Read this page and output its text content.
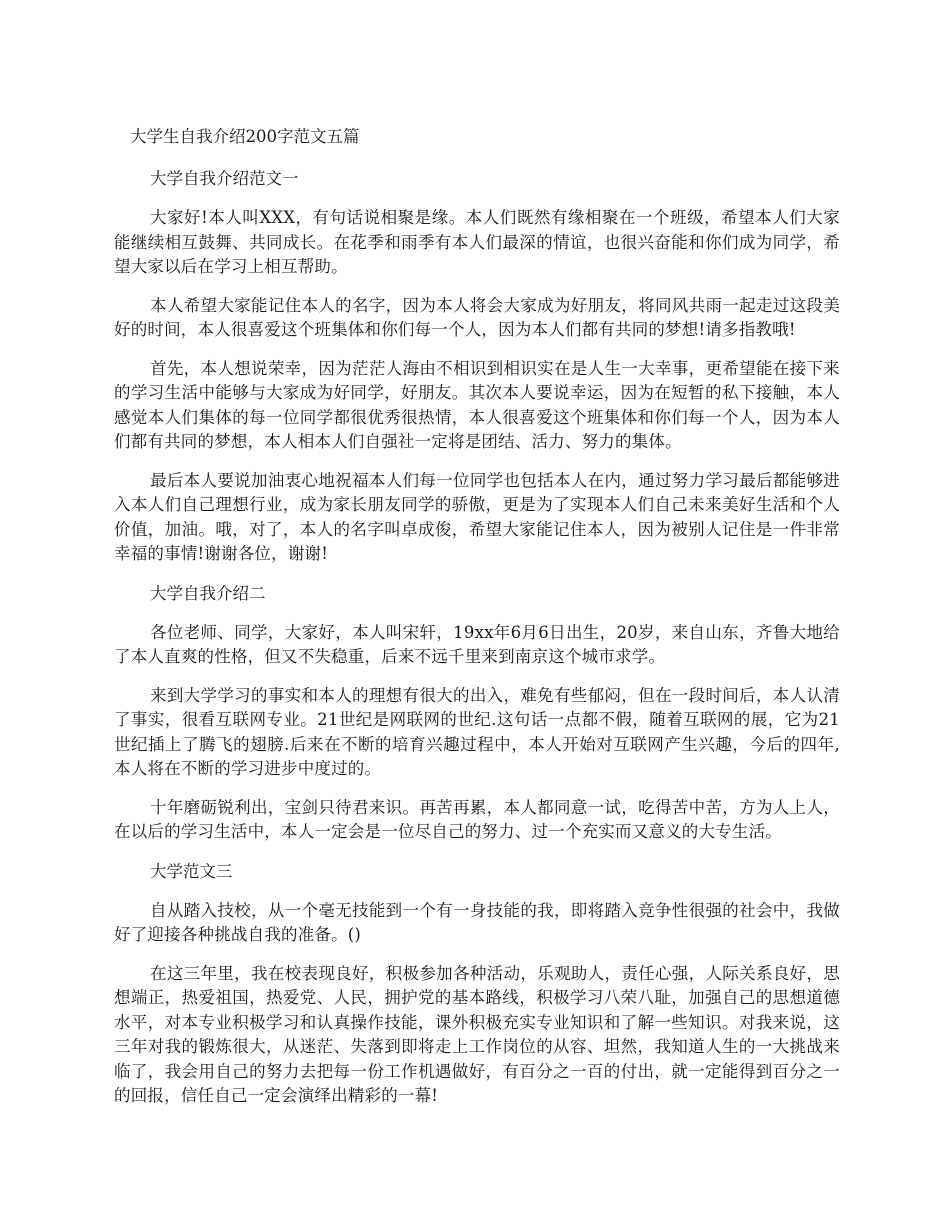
大学生自我介绍200字范文五篇
大学自我介绍范文一

大家好!本人叫XXX，有句话说相聚是缘。本人们既然有缘相聚在一个班级，希望本人们大家能继续相互鼓舞、共同成长。在花季和雨季有本人们最深的情谊，也很兴奋能和你们成为同学，希望大家以后在学习上相互帮助。

本人希望大家能记住本人的名字，因为本人将会大家成为好朋友，将同风共雨一起走过这段美好的时间，本人很喜爱这个班集体和你们每一个人，因为本人们都有共同的梦想!请多指教哦!

首先，本人想说荣幸，因为茫茫人海由不相识到相识实在是人生一大幸事，更希望能在接下来的学习生活中能够与大家成为好同学，好朋友。其次本人要说幸运，因为在短暂的私下接触，本人感觉本人们集体的每一位同学都很优秀很热情，本人很喜爱这个班集体和你们每一个人，因为本人们都有共同的梦想，本人相本人们自强社一定将是团结、活力、努力的集体。

最后本人要说加油衷心地祝福本人们每一位同学也包括本人在内，通过努力学习最后都能够进入本人们自己理想行业，成为家长朋友同学的骄傲，更是为了实现本人们自己未来美好生活和个人价值，加油。哦，对了，本人的名字叫卓成俊，希望大家能记住本人，因为被别人记住是一件非常幸福的事情!谢谢各位，谢谢!

大学自我介绍二

各位老师、同学，大家好，本人叫宋轩，19xx年6月6日出生，20岁，来自山东，齐鲁大地给了本人直爽的性格，但又不失稳重，后来不远千里来到南京这个城市求学。

来到大学学习的事实和本人的理想有很大的出入，难免有些郁闷，但在一段时间后，本人认清了事实，很看互联网专业。21世纪是网联网的世纪.这句话一点都不假，随着互联网的展，它为21世纪插上了腾飞的翅膀.后来在不断的培育兴趣过程中，本人开始对互联网产生兴趣，今后的四年,本人将在不断的学习进步中度过的。

十年磨砺锐利出，宝剑只待君来识。再苦再累，本人都同意一试，吃得苦中苦，方为人上人，在以后的学习生活中，本人一定会是一位尽自己的努力、过一个充实而又意义的大专生活。

大学范文三

自从踏入技校，从一个毫无技能到一个有一身技能的我，即将踏入竞争性很强的社会中，我做好了迎接各种挑战自我的准备。()

在这三年里，我在校表现良好，积极参加各种活动，乐观助人，责任心强，人际关系良好，思想端正，热爱祖国，热爱党、人民，拥护党的基本路线，积极学习八荣八耻，加强自己的思想道德水平，对本专业积极学习和认真操作技能，课外积极充实专业知识和了解一些知识。对我来说，这三年对我的锻炼很大，从迷茫、失落到即将走上工作岗位的从容、坦然，我知道人生的一大挑战来临了，我会用自己的努力去把每一份工作机遇做好，有百分之一百的付出，就一定能得到百分之一的回报，信任自己一定会演绎出精彩的一幕!
